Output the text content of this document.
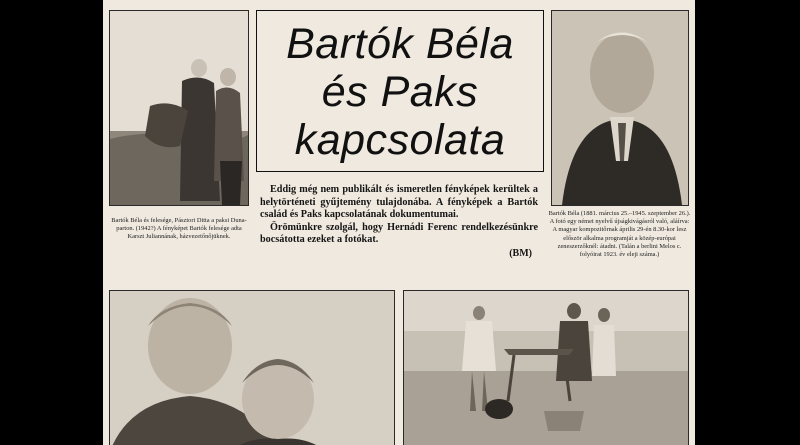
Bartók Béla és felesége, Pásztori Ditta a paksi Duna-parton. (1942?) A fényképet Bartók felesége adta Karszt Juliannának, házvezetőnőjüknek.
Bartók Béla
és Paks
kapcsolata

Eddig még nem publikált és ismeretlen fényképek kerültek a helytörténeti gyűjtemény tulajdonába. A fényképek a Bartók család és Paks kapcsolatának dokumentumai.

Örömünkre szolgál, hogy Hernádi Ferenc rendelkezésünkre bocsátotta ezeket a fotókat.

(BM)
Bartók Béla (1881. március 25.–1945. szeptember 26.). A fotó egy német nyelvű újságkivágásról való, aláírva: A magyar kompozitőrnak április 29-én 8.30-kor lesz először alkalma programját a közép-európai zeneszerzőknél: átadni. (Talán a berlini Melos c. folyóirat 1923. év eleji száma.)
